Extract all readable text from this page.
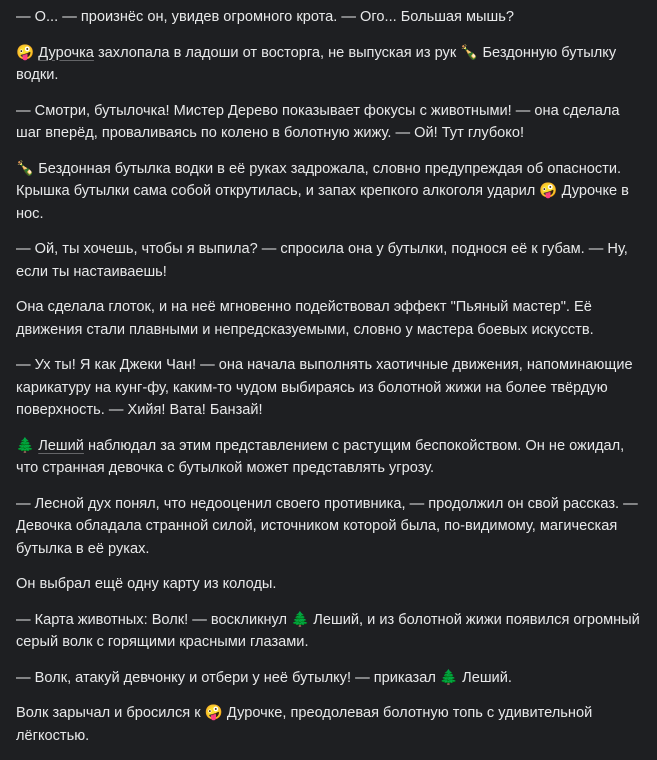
— О... — произнёс он, увидев огромного крота. — Ого... Большая мышь?

🤪 Дурочка захлопала в ладоши от восторга, не выпуская из рук 🍾 Бездонную бутылку водки.

— Смотри, бутылочка! Мистер Дерево показывает фокусы с животными! — она сделала шаг вперёд, проваливаясь по колено в болотную жижу. — Ой! Тут глубоко!

🍾 Бездонная бутылка водки в её руках задрожала, словно предупреждая об опасности. Крышка бутылки сама собой открутилась, и запах крепкого алкоголя ударил 🤪 Дурочке в нос.

— Ой, ты хочешь, чтобы я выпила? — спросила она у бутылки, поднося её к губам. — Ну, если ты настаиваешь!

Она сделала глоток, и на неё мгновенно подействовал эффект "Пьяный мастер". Её движения стали плавными и непредсказуемыми, словно у мастера боевых искусств.

— Ух ты! Я как Джеки Чан! — она начала выполнять хаотичные движения, напоминающие карикатуру на кунг-фу, каким-то чудом выбираясь из болотной жижи на более твёрдую поверхность. — Хийя! Вата! Банзай!

🌲 Леший наблюдал за этим представлением с растущим беспокойством. Он не ожидал, что странная девочка с бутылкой может представлять угрозу.

— Лесной дух понял, что недооценил своего противника, — продолжил он свой рассказ. — Девочка обладала странной силой, источником которой была, по-видимому, магическая бутылка в её руках.

Он выбрал ещё одну карту из колоды.

— Карта животных: Волк! — воскликнул 🌲 Леший, и из болотной жижи появился огромный серый волк с горящими красными глазами.

— Волк, атакуй девчонку и отбери у неё бутылку! — приказал 🌲 Леший.

Волк зарычал и бросился к 🤪 Дурочке, преодолевая болотную топь с удивительной лёгкостью.
